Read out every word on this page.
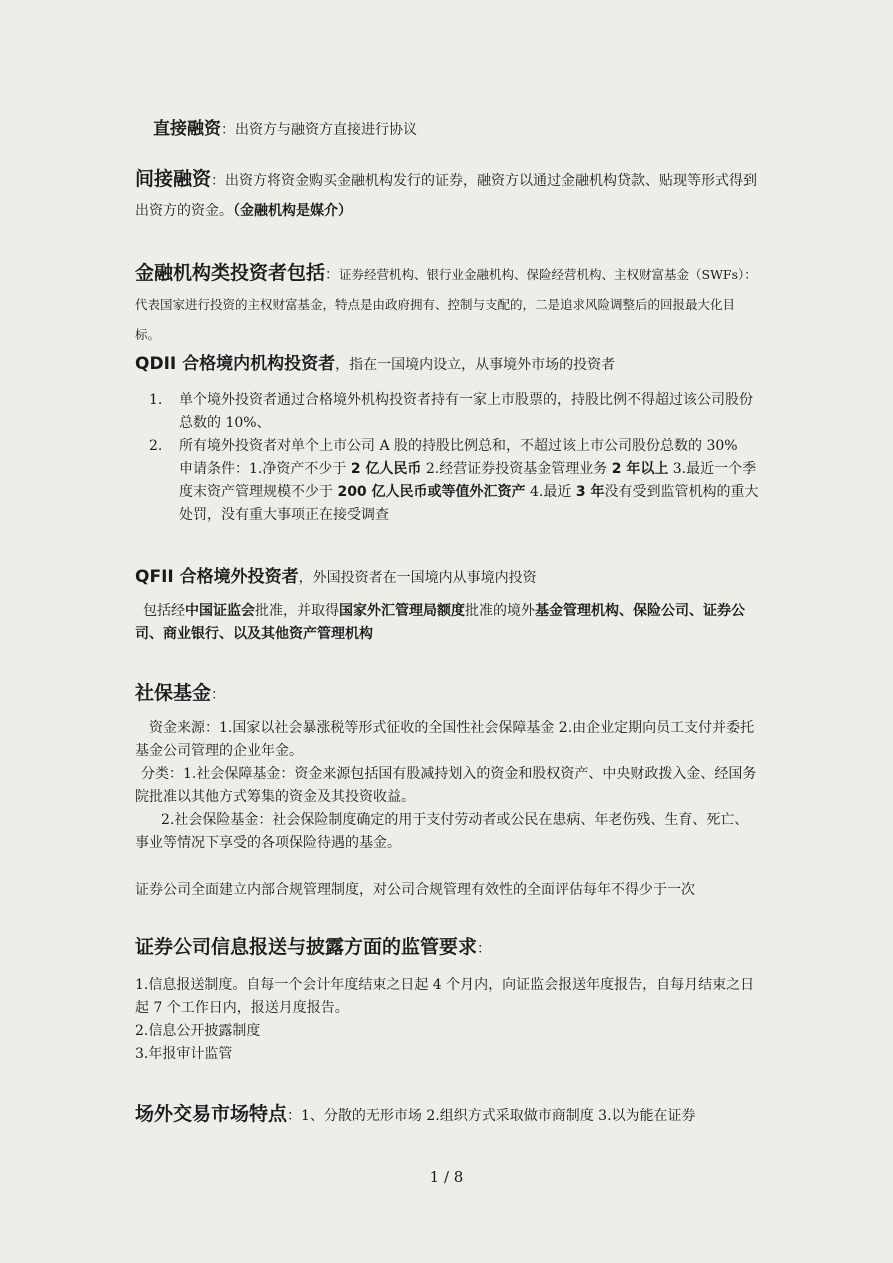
直接融资：出资方与融资方直接进行协议

间接融资：出资方将资金购买金融机构发行的证券，融资方以通过金融机构贷款、贴现等形式得到出资方的资金。（金融机构是媒介）

金融机构类投资者包括：证券经营机构、银行业金融机构、保险经营机构、主权财富基金（SWFs）：代表国家进行投资的主权财富基金，特点是由政府拥有、控制与支配的，二是追求风险调整后的回报最大化目标。

QDII 合格境内机构投资者，指在一国境内设立，从事境外市场的投资者

1. 单个境外投资者通过合格境外机构投资者持有一家上市股票的，持股比例不得超过该公司股份总数的 10%、
2. 所有境外投资者对单个上市公司 A 股的持股比例总和，不超过该上市公司股份总数的 30%
申请条件：1.净资产不少于 2 亿人民币 2.经营证券投资基金管理业务 2 年以上 3.最近一个季度末资产管理规模不少于 200 亿人民币或等值外汇资产 4.最近 3 年没有受到监管机构的重大处罚，没有重大事项正在接受调查

QFII 合格境外投资者，外国投资者在一国境内从事境内投资

包括经中国证监会批准，并取得国家外汇管理局额度批准的境外基金管理机构、保险公司、证券公司、商业银行、以及其他资产管理机构

社保基金：

资金来源：1.国家以社会暴涨税等形式征收的全国性社会保障基金 2.由企业定期向员工支付并委托基金公司管理的企业年金。

分类：1.社会保障基金：资金来源包括国有股减持划入的资金和股权资产、中央财政拨入金、经国务院批准以其他方式筹集的资金及其投资收益。

2.社会保险基金：社会保险制度确定的用于支付劳动者或公民在患病、年老伤残、生育、死亡、事业等情况下享受的各项保险待遇的基金。

证券公司全面建立内部合规管理制度，对公司合规管理有效性的全面评估每年不得少于一次

证券公司信息报送与披露方面的监管要求：

1.信息报送制度。自每一个会计年度结束之日起 4 个月内，向证监会报送年度报告，自每月结束之日起 7 个工作日内，报送月度报告。

2.信息公开披露制度

3.年报审计监管

场外交易市场特点：1、分散的无形市场 2.组织方式采取做市商制度 3.以为能在证券

1 / 8
